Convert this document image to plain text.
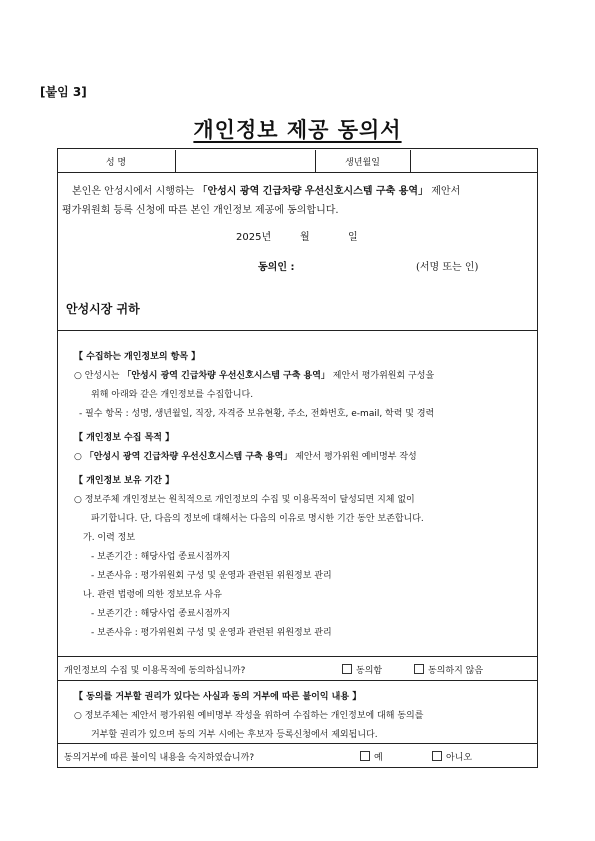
[붙임 3]
개인정보 제공 동의서
성 명	생년월일
본인은 안성시에서 시행하는 「안성시 광역 긴급차량 우선신호시스템 구축 용역」 제안서
평가위원회 등록 신청에 따른 본인 개인정보 제공에 동의합니다.
2025년	월	일
동의인 :	(서명 또는 인)
안성시장 귀하
【 수집하는 개인정보의 항목 】
○ 안성시는 「안성시 광역 긴급차량 우선신호시스템 구축 용역」 제안서 평가위원회 구성을
위해 아래와 같은 개인정보를 수집합니다.
- 필수 항목 : 성명, 생년월일, 직장, 자격증 보유현황, 주소, 전화번호, e-mail, 학력 및 경력
【 개인정보 수집 목적 】
○ 「안성시 광역 긴급차량 우선신호시스템 구축 용역」 제안서 평가위원 예비명부 작성
【 개인정보 보유 기간 】
○ 정보주체 개인정보는 원칙적으로 개인정보의 수집 및 이용목적이 달성되면 지체 없이
파기합니다. 단, 다음의 정보에 대해서는 다음의 이유로 명시한 기간 동안 보존합니다.
가. 이력 정보
- 보존기간 : 해당사업 종료시점까지
- 보존사유 : 평가위원회 구성 및 운영과 관련된 위원정보 관리
나. 관련 법령에 의한 정보보유 사유
- 보존기간 : 해당사업 종료시점까지
- 보존사유 : 평가위원회 구성 및 운영과 관련된 위원정보 관리
개인정보의 수집 및 이용목적에 동의하십니까?	동의함	동의하지 않음
【 동의를 거부할 권리가 있다는 사실과 동의 거부에 따른 불이익 내용 】
○ 정보주체는 제안서 평가위원 예비명부 작성을 위하여 수집하는 개인정보에 대해 동의를
거부할 권리가 있으며 동의 거부 시에는 후보자 등록신청에서 제외됩니다.
동의거부에 따른 불이익 내용을 숙지하였습니까?	예	아니오
